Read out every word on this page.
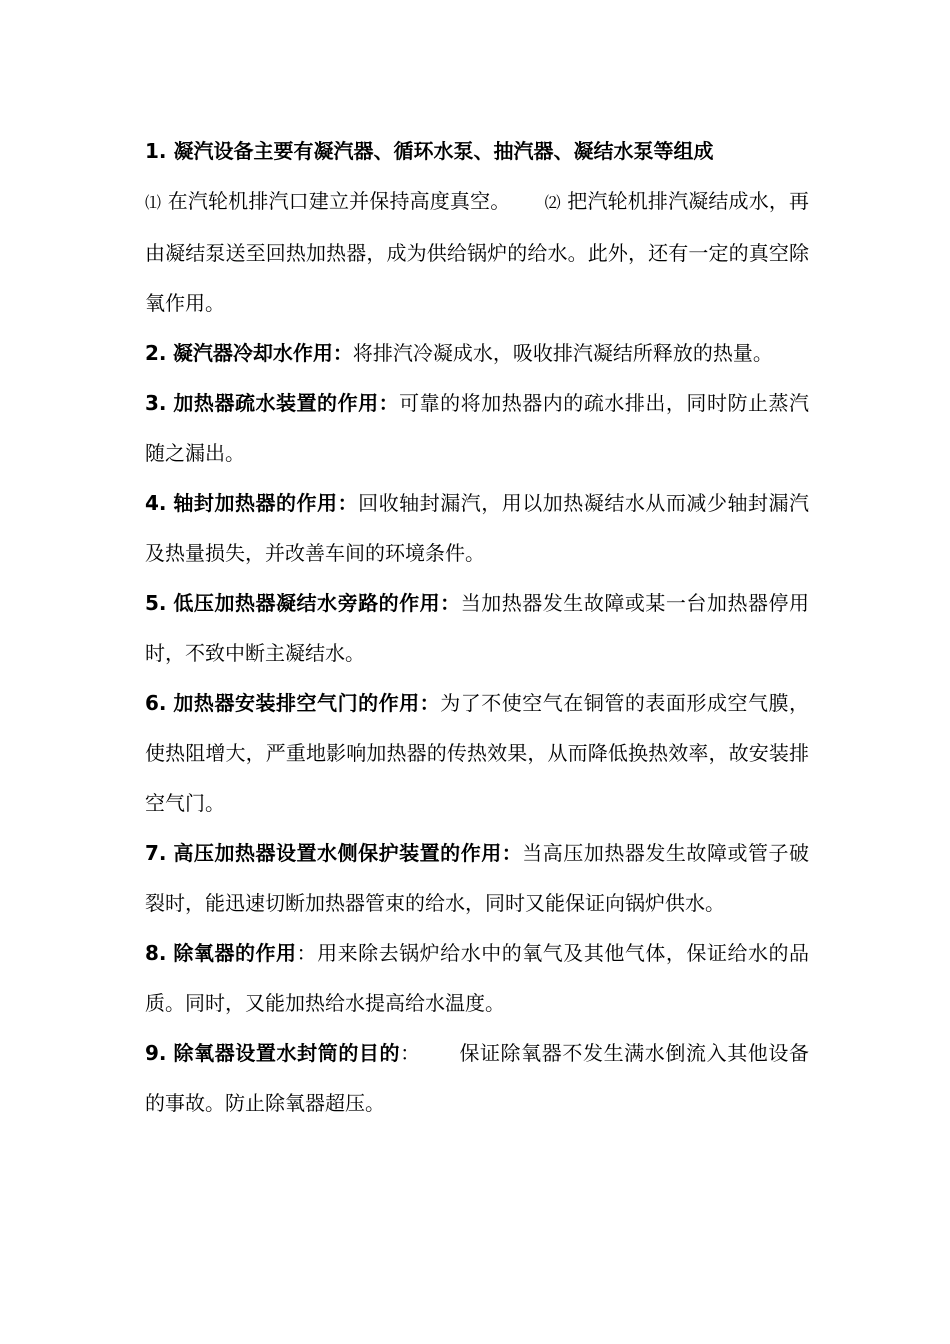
1. 凝汽设备主要有凝汽器、循环水泵、抽汽器、凝结水泵等组成

⑴ 在汽轮机排汽口建立并保持高度真空。 ⑵ 把汽轮机排汽凝结成水，再由凝结泵送至回热加热器，成为供给锅炉的给水。此外，还有一定的真空除氧作用。

2. 凝汽器冷却水作用：将排汽冷凝成水，吸收排汽凝结所释放的热量。

3. 加热器疏水装置的作用：可靠的将加热器内的疏水排出，同时防止蒸汽随之漏出。

4. 轴封加热器的作用：回收轴封漏汽，用以加热凝结水从而减少轴封漏汽及热量损失，并改善车间的环境条件。

5. 低压加热器凝结水旁路的作用：当加热器发生故障或某一台加热器停用时，不致中断主凝结水。

6. 加热器安装排空气门的作用：为了不使空气在铜管的表面形成空气膜，使热阻增大，严重地影响加热器的传热效果，从而降低换热效率，故安装排空气门。

7. 高压加热器设置水侧保护装置的作用：当高压加热器发生故障或管子破裂时，能迅速切断加热器管束的给水，同时又能保证向锅炉供水。

8. 除氧器的作用：用来除去锅炉给水中的氧气及其他气体，保证给水的品质。同时，又能加热给水提高给水温度。

9. 除氧器设置水封筒的目的： 保证除氧器不发生满水倒流入其他设备的事故。防止除氧器超压。
